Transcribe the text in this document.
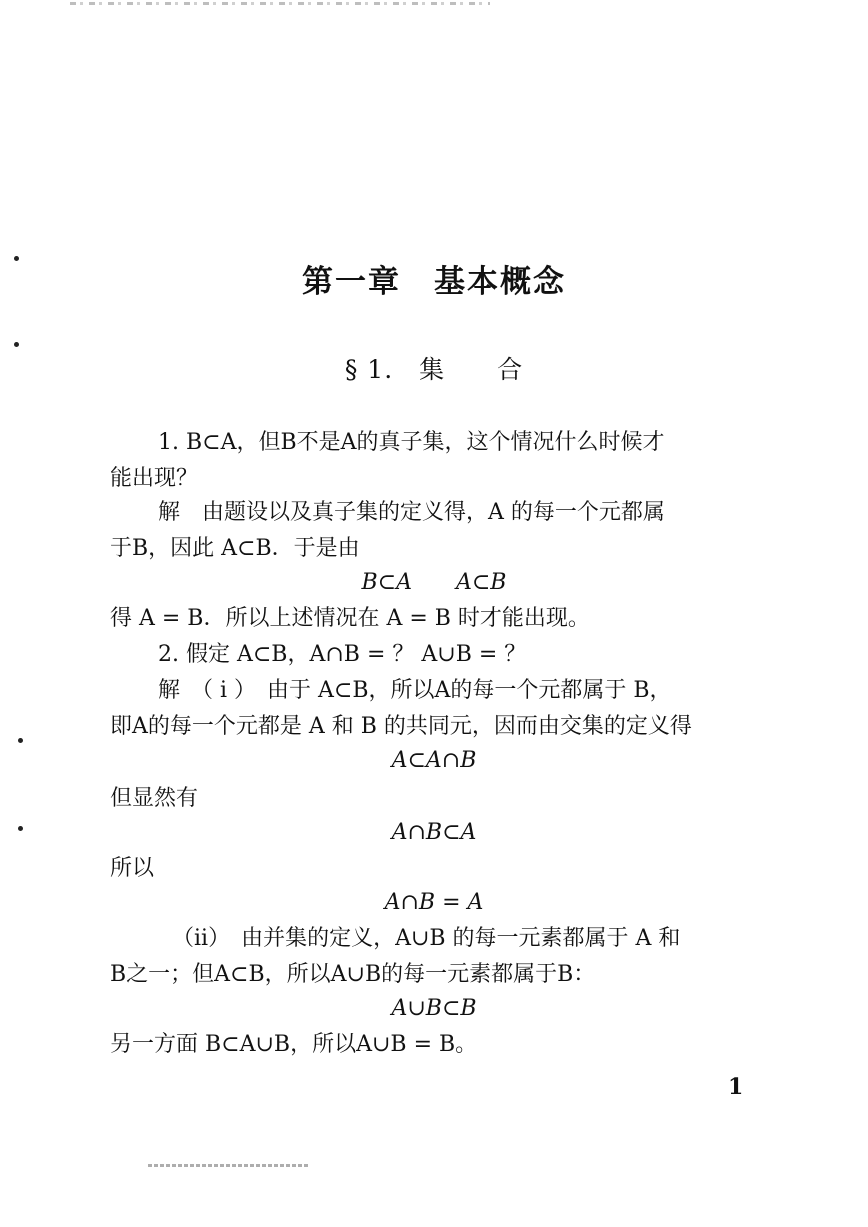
第一章　基本概念
§ 1.　集　　合
1. B⊂A，但B不是A的真子集，这个情况什么时候才
能出现？
解　由题设以及真子集的定义得，A 的每一个元都属
于B，因此 A⊂B．于是由
B⊂A　　A⊂B
得 A = B．所以上述情况在 A = B 时才能出现。
2. 假定 A⊂B，A∩B = ？ A∪B = ？
解　（ i ）　由于 A⊂B，所以A的每一个元都属于 B，
即A的每一个元都是 A 和 B 的共同元，因而由交集的定义得
A⊂A∩B
但显然有
A∩B⊂A
所以
A∩B = A
（ii）　由并集的定义，A∪B 的每一元素都属于 A 和
B之一；但A⊂B，所以A∪B的每一元素都属于B：
A∪B⊂B
另一方面 B⊂A∪B，所以A∪B = B。
1
